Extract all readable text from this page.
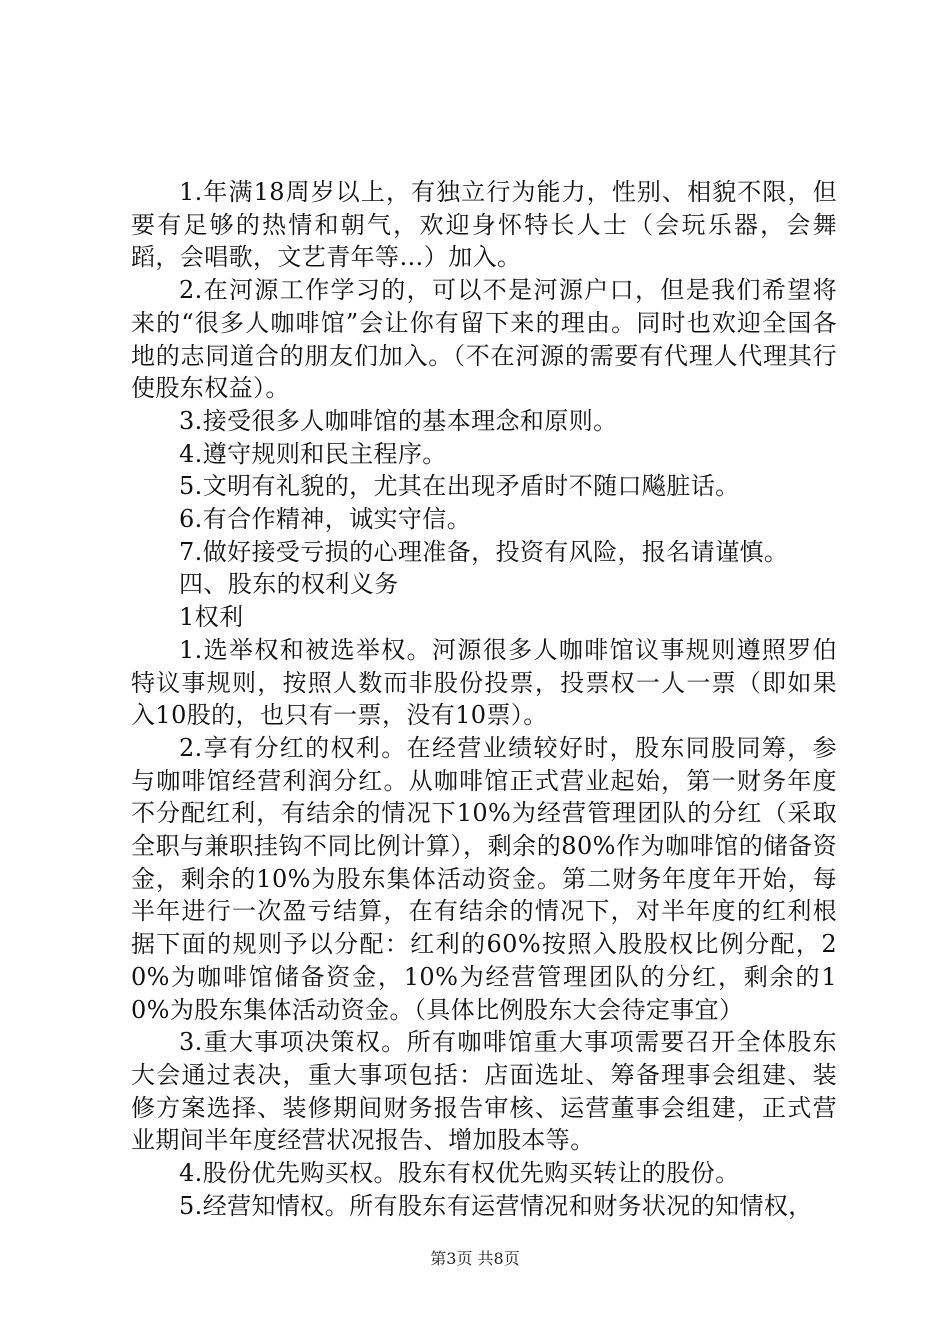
1.年满18周岁以上，有独立行为能力，性别、相貌不限，但要有足够的热情和朝气，欢迎身怀特长人士（会玩乐器，会舞蹈，会唱歌，文艺青年等…）加入。

2.在河源工作学习的，可以不是河源户口，但是我们希望将来的“很多人咖啡馆”会让你有留下来的理由。同时也欢迎全国各地的志同道合的朋友们加入。（不在河源的需要有代理人代理其行使股东权益）。

3.接受很多人咖啡馆的基本理念和原则。

4.遵守规则和民主程序。

5.文明有礼貌的，尤其在出现矛盾时不随口飚脏话。

6.有合作精神，诚实守信。

7.做好接受亏损的心理准备，投资有风险，报名请谨慎。

四、股东的权利义务

1权利

1.选举权和被选举权。河源很多人咖啡馆议事规则遵照罗伯特议事规则，按照人数而非股份投票，投票权一人一票（即如果入10股的，也只有一票，没有10票）。

2.享有分红的权利。在经营业绩较好时，股东同股同筹，参与咖啡馆经营利润分红。从咖啡馆正式营业起始，第一财务年度不分配红利，有结余的情况下10%为经营管理团队的分红（采取全职与兼职挂钩不同比例计算），剩余的80%作为咖啡馆的储备资金，剩余的10%为股东集体活动资金。第二财务年度年开始，每半年进行一次盈亏结算，在有结余的情况下，对半年度的红利根据下面的规则予以分配：红利的60%按照入股股权比例分配，20%为咖啡馆储备资金，10%为经营管理团队的分红，剩余的10%为股东集体活动资金。（具体比例股东大会待定事宜）

3.重大事项决策权。所有咖啡馆重大事项需要召开全体股东大会通过表决，重大事项包括：店面选址、筹备理事会组建、装修方案选择、装修期间财务报告审核、运营董事会组建，正式营业期间半年度经营状况报告、增加股本等。

4.股份优先购买权。股东有权优先购买转让的股份。

5.经营知情权。所有股东有运营情况和财务状况的知情权，

第3页 共8页
